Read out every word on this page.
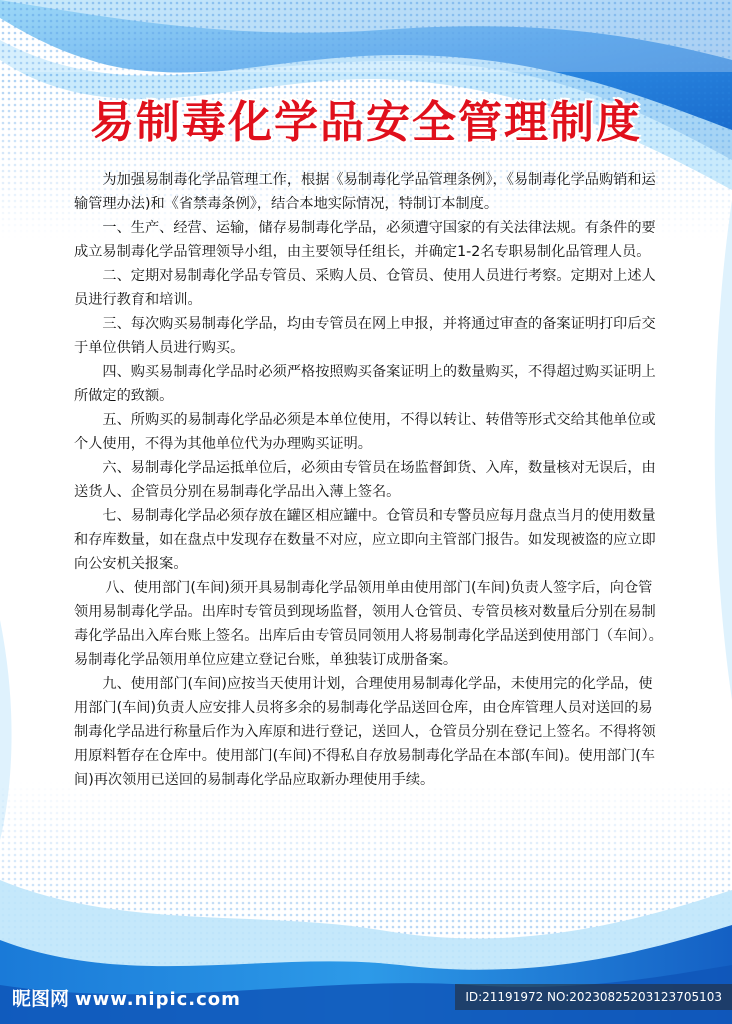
易制毒化学品安全管理制度

为加强易制毒化学品管理工作，根据《易制毒化学品管理条例》，《易制毒化学品购销和运输管理办法)和《省禁毒条例》，结合本地实际情况，特制订本制度。

一、生产、经营、运输，储存易制毒化学品，必须遭守国家的有关法律法规。有条件的要成立易制毒化学品管理领导小组，由主要领导任组长，并确定1-2名专职易制化品管理人员。

二、定期对易制毒化学品专管员、采购人员、仓管员、使用人员进行考察。定期对上述人员进行教育和培训。

三、每次购买易制毒化学品，均由专管员在网上申报，并将通过审查的备案证明打印后交于单位供销人员进行购买。

四、购买易制毒化学品时必须严格按照购买备案证明上的数量购买，不得超过购买证明上所做定的致额。

五、所购买的易制毒化学品必须是本单位使用，不得以转让、转借等形式交给其他单位或个人使用，不得为其他单位代为办理购买证明。

六、易制毒化学品运抵单位后，必须由专管员在场监督卸货、入库，数量核对无误后，由送货人、企管员分别在易制毒化学品出入薄上签名。

七、易制毒化学品必须存放在罐区相应罐中。仓管员和专警员应每月盘点当月的使用数量和存库数量，如在盘点中发现存在数量不对应，应立即向主管部门报告。如发现被盗的应立即向公安机关报案。

八、使用部门(车间)须开具易制毒化学品领用单由使用部门(车间)负责人签字后，向仓管领用易制毒化学品。出库时专管员到现场监督，领用人仓管员、专管员核对数量后分别在易制毒化学品出入库台账上签名。出库后由专管员同领用人将易制毒化学品送到使用部门（车间）。易制毒化学品领用单位应建立登记台账，单独装订成册备案。

九、使用部门(车间)应按当天使用计划，合理使用易制毒化学品，未使用完的化学品，使用部门(车间)负责人应安排人员将多余的易制毒化学品送回仓库，由仓库管理人员对送回的易制毒化学品进行称量后作为入库原和进行登记，送回人，仓管员分别在登记上签名。不得将领用原料暂存在仓库中。使用部门(车间)不得私自存放易制毒化学品在本部(车间)。使用部门(车间)再次领用已送回的易制毒化学品应取新办理使用手续。

昵图网 www.nipic.com	ID:21191972 NO:20230825203123705103
